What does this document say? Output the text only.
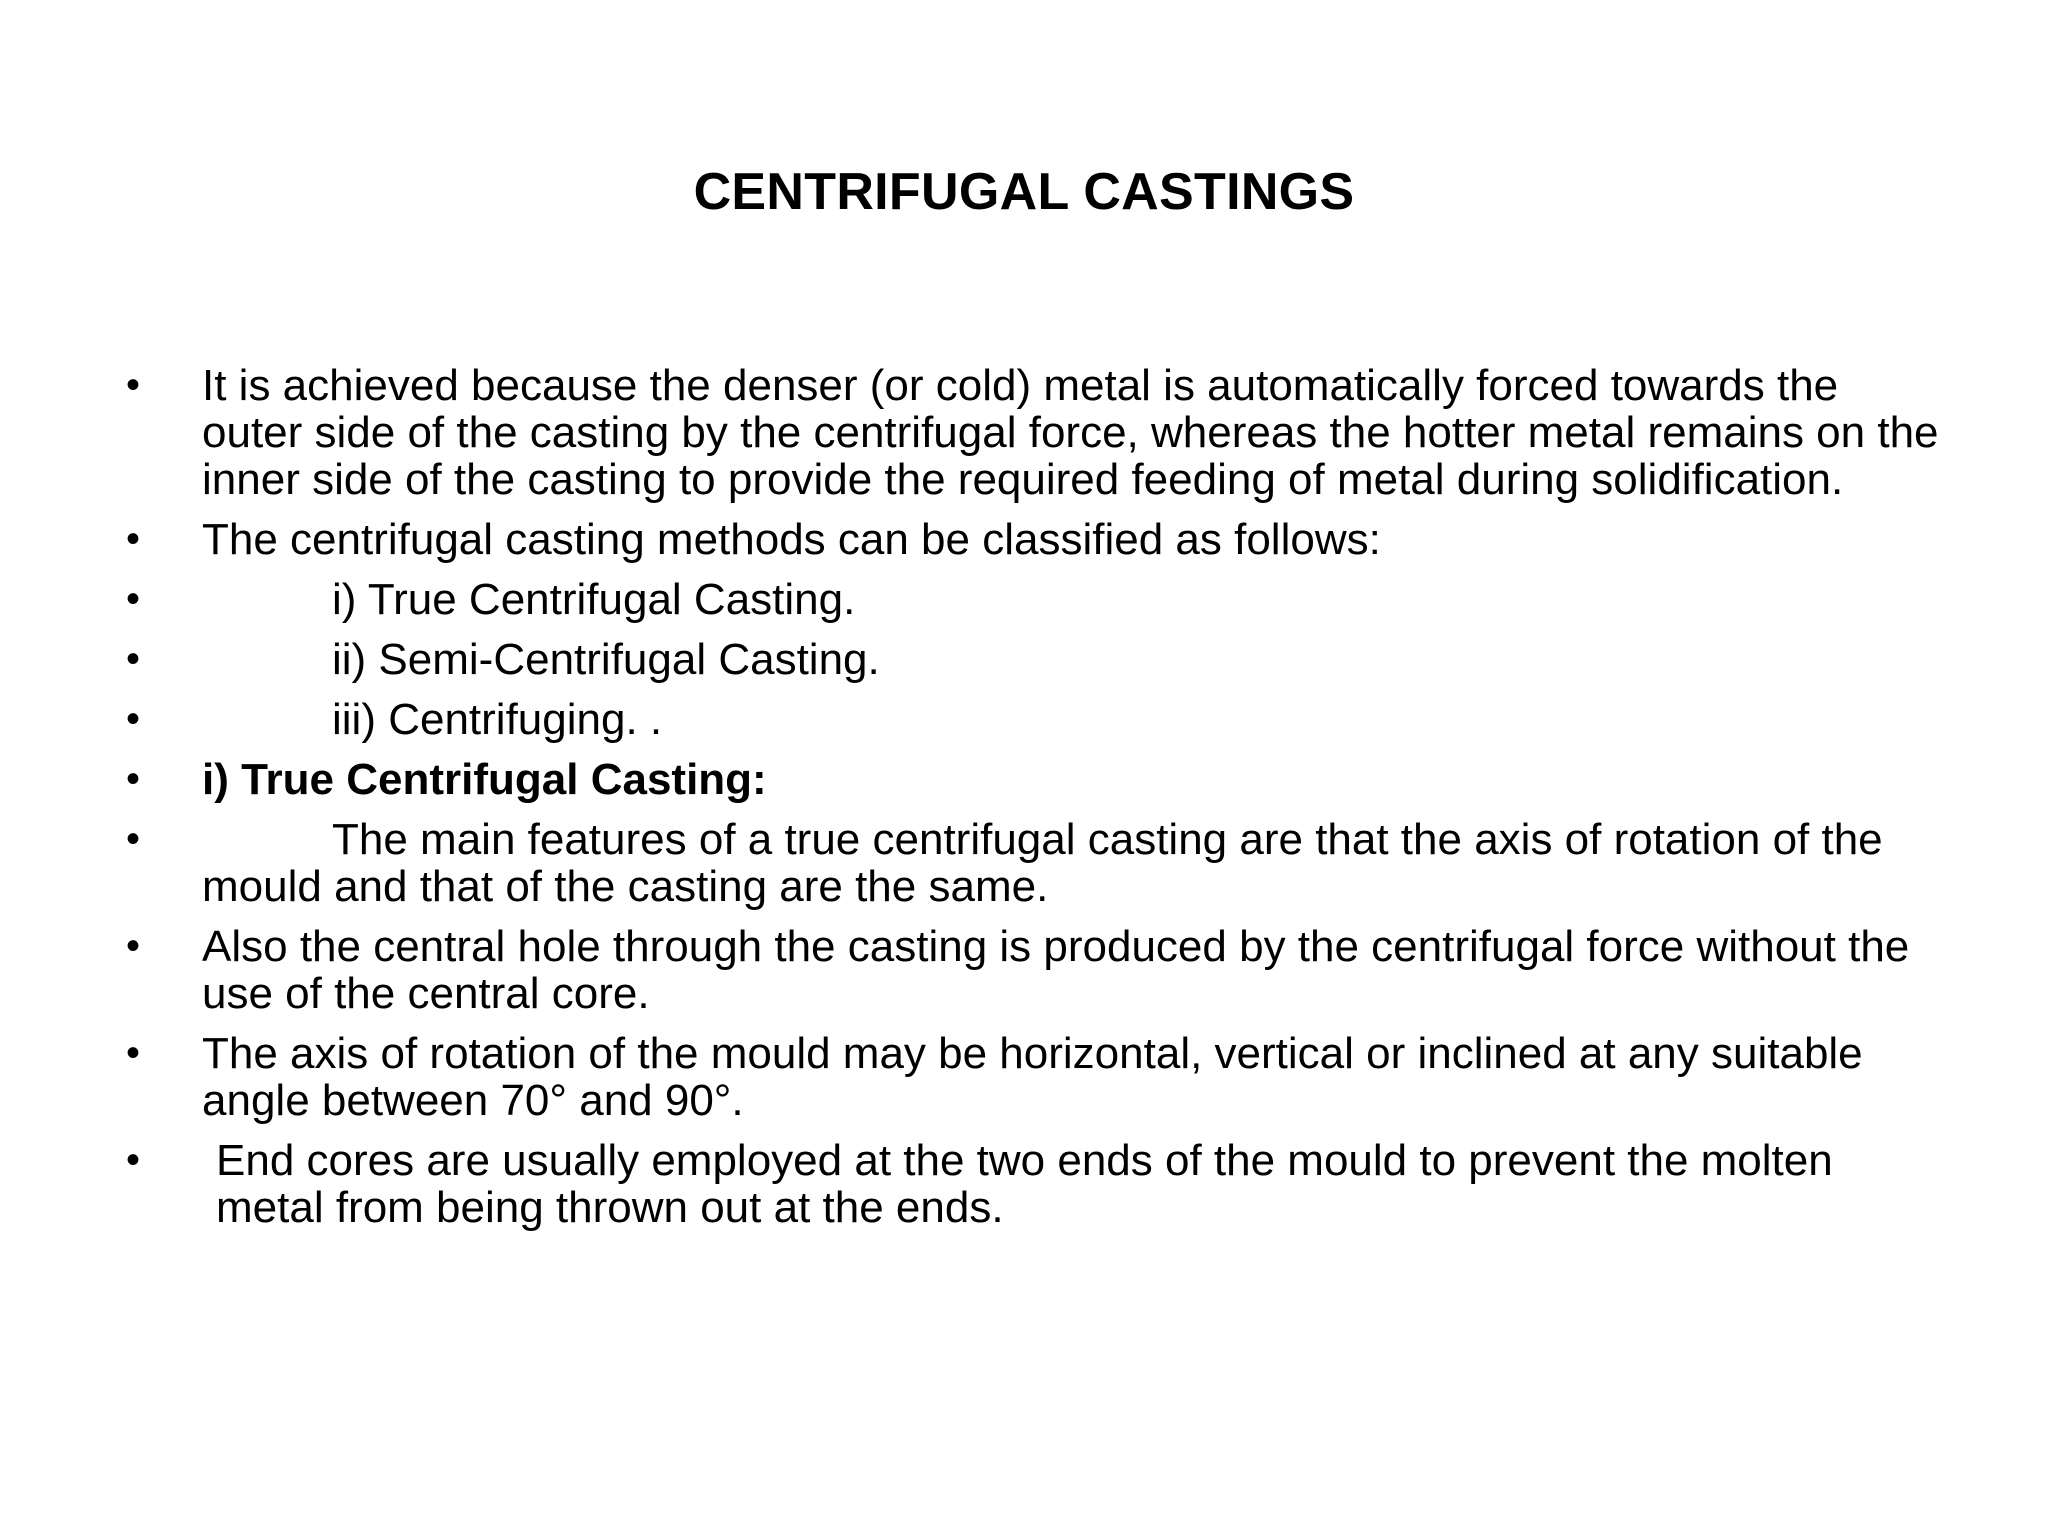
CENTRIFUGAL CASTINGS
• It is achieved because the denser (or cold) metal is automatically forced towards the outer side of the casting by the centrifugal force, whereas the hotter metal remains on the inner side of the casting to provide the required feeding of metal during solidification.
• The centrifugal casting methods can be classified as follows:
•	i) True Centrifugal Casting.
•	ii) Semi-Centrifugal Casting.
•	iii) Centrifuging. .
• i) True Centrifugal Casting:
•	The main features of a true centrifugal casting are that the axis of rotation of the mould and that of the casting are the same.
• Also the central hole through the casting is produced by the centrifugal force without the use of the central core.
• The axis of rotation of the mould may be horizontal, vertical or inclined at any suitable angle between 70° and 90°.
•	End cores are usually employed at the two ends of the mould to prevent the molten metal from being thrown out at the ends.
